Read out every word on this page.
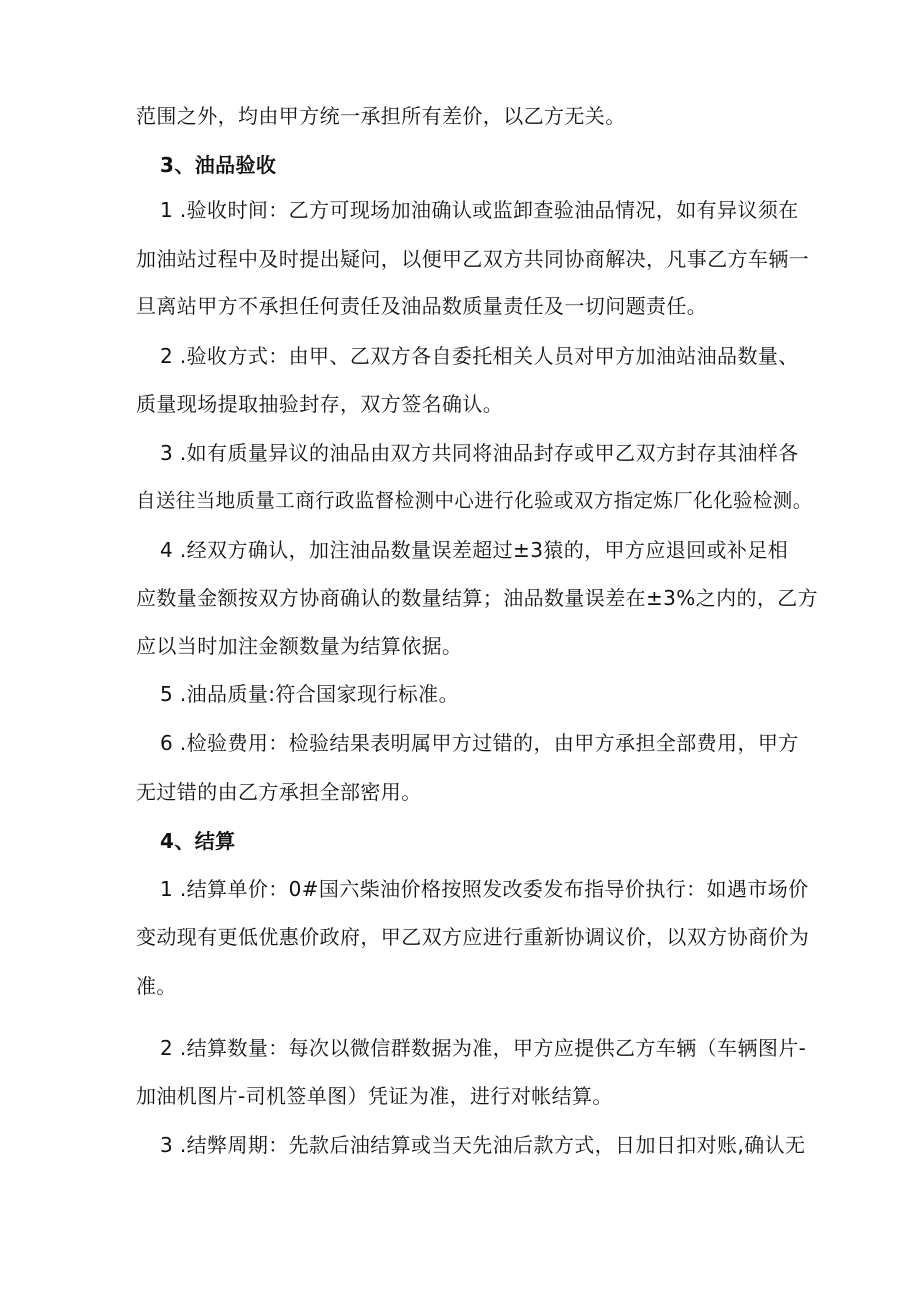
范围之外，均由甲方统一承担所有差价，以乙方无关。
3、油品验收
1 .验收时间：乙方可现场加油确认或监卸查验油品情况，如有异议须在
加油站过程中及时提出疑问，以便甲乙双方共同协商解决，凡事乙方车辆一
旦离站甲方不承担任何责任及油品数质量责任及一切问题责任。
2 .验收方式：由甲、乙双方各自委托相关人员对甲方加油站油品数量、
质量现场提取抽验封存，双方签名确认。
3 .如有质量异议的油品由双方共同将油品封存或甲乙双方封存其油样各
自送往当地质量工商行政监督检测中心进行化验或双方指定炼厂化化验检测。
4 .经双方确认，加注油品数量误差超过±3猿的，甲方应退回或补足相
应数量金额按双方协商确认的数量结算；油品数量误差在±3%之内的，乙方
应以当时加注金额数量为结算依据。
5 .油品质量:符合国家现行标准。
6 .检验费用：检验结果表明属甲方过错的，由甲方承担全部费用，甲方
无过错的由乙方承担全部密用。
4、结算
1 .结算单价：0#国六柴油价格按照发改委发布指导价执行：如遇市场价
变动现有更低优惠价政府，甲乙双方应进行重新协调议价，以双方协商价为
准。
2 .结算数量：每次以微信群数据为准，甲方应提供乙方车辆（车辆图片-
加油机图片-司机签单图）凭证为准，进行对帐结算。
3 .结弊周期：先款后油结算或当天先油后款方式，日加日扣对账,确认无
